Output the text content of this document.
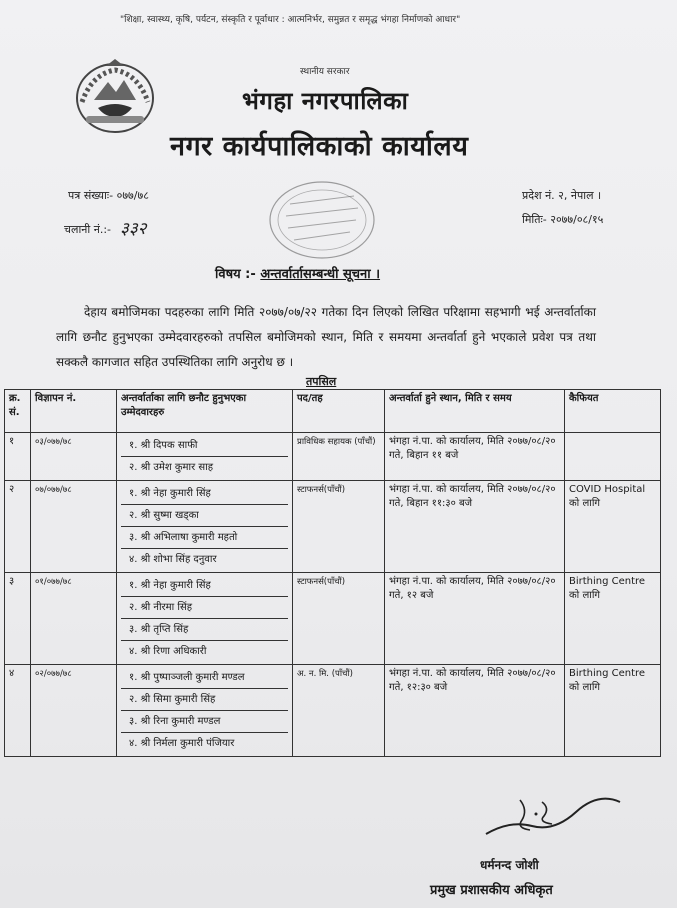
"शिक्षा, स्वास्थ्य, कृषि, पर्यटन, संस्कृति र पूर्वाधार : आत्मनिर्भर, समुन्नत र समृद्ध भंगहा निर्माणको आधार"
स्थानीय सरकार
भंगहा नगरपालिका
नगर कार्यपालिकाको कार्यालय
पत्र संख्याः- ०७७/७८
चलानी नं.:- ३३२
प्रदेश नं. २, नेपाल ।
मितिः- २०७७/०८/१५
विषय :- अन्तर्वार्तासम्बन्धी सूचना ।
देहाय बमोजिमका पदहरुका लागि मिति २०७७/०७/२२ गतेका दिन लिएको लिखित परिक्षामा सहभागी भई अन्तर्वार्ताका लागि छनौट हुनुभएका उम्मेदवारहरुको तपसिल बमोजिमको स्थान, मिति र समयमा अन्तर्वार्ता हुने भएकाले प्रवेश पत्र तथा सक्कलै कागजात सहित उपस्थितिका लागि अनुरोध छ ।
तपसिल
क्र. सं.	विज्ञापन नं.	अन्तर्वार्ताका लागि छनौट हुनुभएका उम्मेदवारहरु	पद/तह	अन्तर्वार्ता हुने स्थान, मिति र समय	कैफियत
१	०३/०७७/७८	१. श्री दिपक साफी
२. श्री उमेश कुमार साह	प्राविधिक सहायक (पाँचौं)	भंगहा नं.पा. को कार्यालय, मिति २०७७/०८/२० गते, बिहान ११ बजे	
२	०७/०७७/७८	१. श्री नेहा कुमारी सिंह
२. श्री सुष्मा खड्का
३. श्री अभिलाषा कुमारी महतो
४. श्री शोभा सिंह दनुवार	स्टाफनर्स(पाँचौं)	भंगहा नं.पा. को कार्यालय, मिति २०७७/०८/२० गते, बिहान ११:३० बजे	COVID Hospital को लागि
३	०१/०७७/७८	१. श्री नेहा कुमारी सिंह
२. श्री नीरमा सिंह
३. श्री तृप्ति सिंह
४. श्री रिणा अधिकारी	स्टाफनर्स(पाँचौं)	भंगहा नं.पा. को कार्यालय, मिति २०७७/०८/२० गते, १२ बजे	Birthing Centre को लागि
४	०२/०७७/७८	१. श्री पुष्पाञ्जली कुमारी मण्डल
२. श्री सिमा कुमारी सिंह
३. श्री रिना कुमारी मण्डल
४. श्री निर्मला कुमारी पंजियार	अ. न. मि. (पाँचौं)	भंगहा नं.पा. को कार्यालय, मिति २०७७/०८/२० गते, १२:३० बजे	Birthing Centre को लागि
धर्मनन्द जोशी
प्रमुख प्रशासकीय अधिकृत
